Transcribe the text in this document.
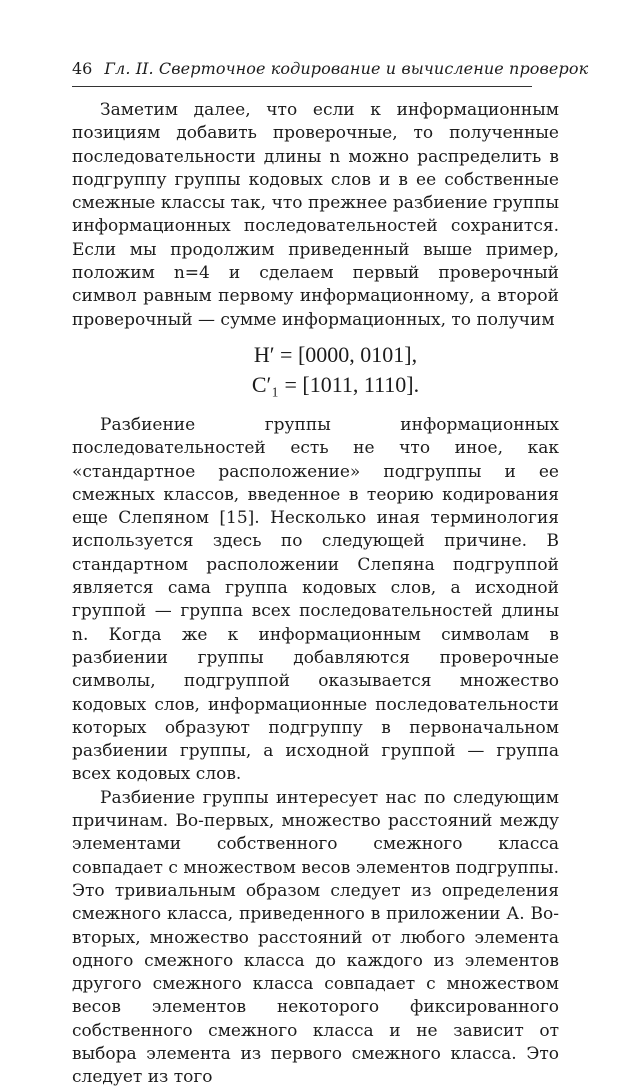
46 Гл. II. Сверточное кодирование и вычисление проверок

Заметим далее, что если к информационным позициям добавить проверочные, то полученные последовательности длины n можно распределить в подгруппу группы кодовых слов и в ее собственные смежные классы так, что прежнее разбиение группы информационных последовательностей сохранится. Если мы продолжим приведенный выше пример, положим n=4 и сделаем первый проверочный символ равным первому информационному, а второй проверочный — сумме информационных, то получим

H′ = [0000, 0101],
C′₁ = [1011, 1110].

Разбиение группы информационных последовательностей есть не что иное, как «стандартное расположение» подгруппы и ее смежных классов, введенное в теорию кодирования еще Слепяном [15]. Несколько иная терминология используется здесь по следующей причине. В стандартном расположении Слепяна подгруппой является сама группа кодовых слов, а исходной группой — группа всех последовательностей длины n. Когда же к информационным символам в разбиении группы добавляются проверочные символы, подгруппой оказывается множество кодовых слов, информационные последовательности которых образуют подгруппу в первоначальном разбиении группы, а исходной группой — группа всех кодовых слов.

Разбиение группы интересует нас по следующим причинам. Во-первых, множество расстояний между элементами собственного смежного класса совпадает с множеством весов элементов подгруппы. Это тривиальным образом следует из определения смежного класса, приведенного в приложении А. Во-вторых, множество расстояний от любого элемента одного смежного класса до каждого из элементов другого смежного класса совпадает с множеством весов элементов некоторого фиксированного собственного смежного класса и не зависит от выбора элемента из первого смежного класса. Это следует из того
